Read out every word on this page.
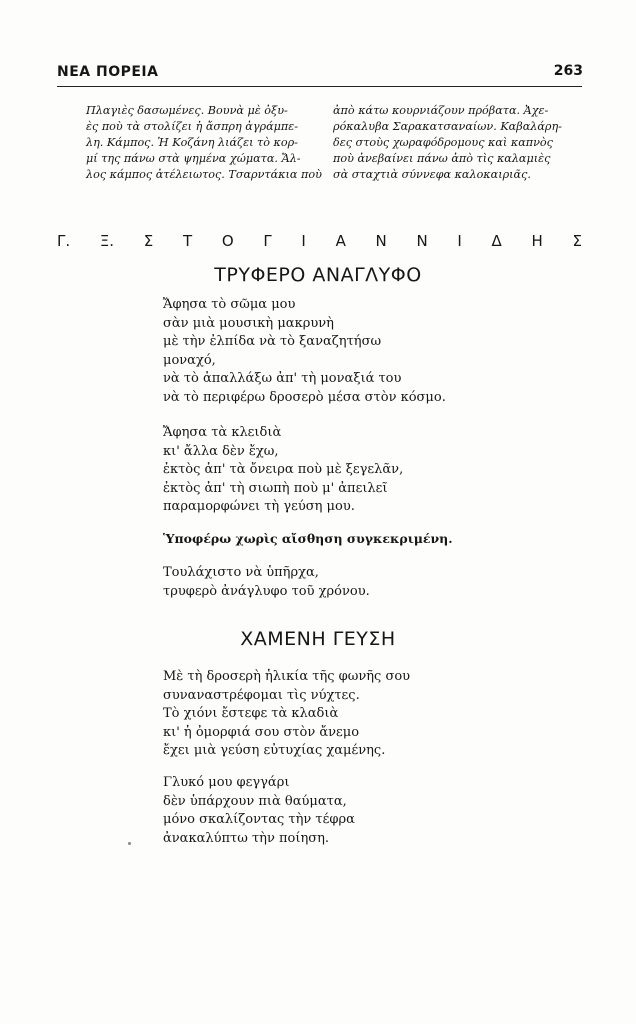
ΝΕΑ ΠΟΡΕΙΑ	263
Πλαγιὲς δασωμένες. Βουνὰ μὲ ὀξυ-
ὲς ποὺ τὰ στολίζει ἡ ἄσπρη ἀγράμπε-
λη. Κάμπος. Ἡ Κοζάνη λιάζει τὸ κορ-
μί της πάνω στὰ ψημένα χώματα. Ἄλ-
λος κάμπος ἀτέλειωτος. Τσαρντάκια ποὺ
ἀπὸ κάτω κουρνιάζουν πρόβατα. Ἀχε-
ρόκαλυβα Σαρακατσαναίων. Καβαλάρη-
δες στοὺς χωραφόδρομους καὶ καπνὸς
ποὺ ἀνεβαίνει πάνω ἀπὸ τὶς καλαμιὲς
σὰ σταχτιὰ σύννεφα καλοκαιριᾶς.
Γ. Ξ. Σ Τ Ο Γ Ι Α Ν Ν Ι Δ Η Σ
ΤΡΥΦΕΡΟ ΑΝΑΓΛΥΦΟ
Ἄφησα τὸ σῶμα μου
σὰν μιὰ μουσικὴ μακρυνὴ
μὲ τὴν ἐλπίδα νὰ τὸ ξαναζητήσω
μοναχό,
νὰ τὸ ἀπαλλάξω ἀπ' τὴ μοναξιά του
νὰ τὸ περιφέρω δροσερὸ μέσα στὸν κόσμο.
Ἄφησα τὰ κλειδιὰ
κι' ἄλλα δὲν ἔχω,
ἐκτὸς ἀπ' τὰ ὄνειρα ποὺ μὲ ξεγελᾶν,
ἐκτὸς ἀπ' τὴ σιωπὴ ποὺ μ' ἀπειλεῖ
παραμορφώνει τὴ γεύση μου.
Ὑποφέρω χωρὶς αἴσθηση συγκεκριμένη.
Τουλάχιστο νὰ ὑπῆρχα,
τρυφερὸ ἀνάγλυφο τοῦ χρόνου.
ΧΑΜΕΝΗ ΓΕΥΣΗ
Μὲ τὴ δροσερὴ ἡλικία τῆς φωνῆς σου
συναναστρέφομαι τὶς νύχτες.
Τὸ χιόνι ἔστεφε τὰ κλαδιὰ
κι' ἡ ὀμορφιά σου στὸν ἄνεμο
ἔχει μιὰ γεύση εὐτυχίας χαμένης.
Γλυκό μου φεγγάρι
δὲν ὑπάρχουν πιὰ θαύματα,
μόνο σκαλίζοντας τὴν τέφρα
ἀνακαλύπτω τὴν ποίηση.
